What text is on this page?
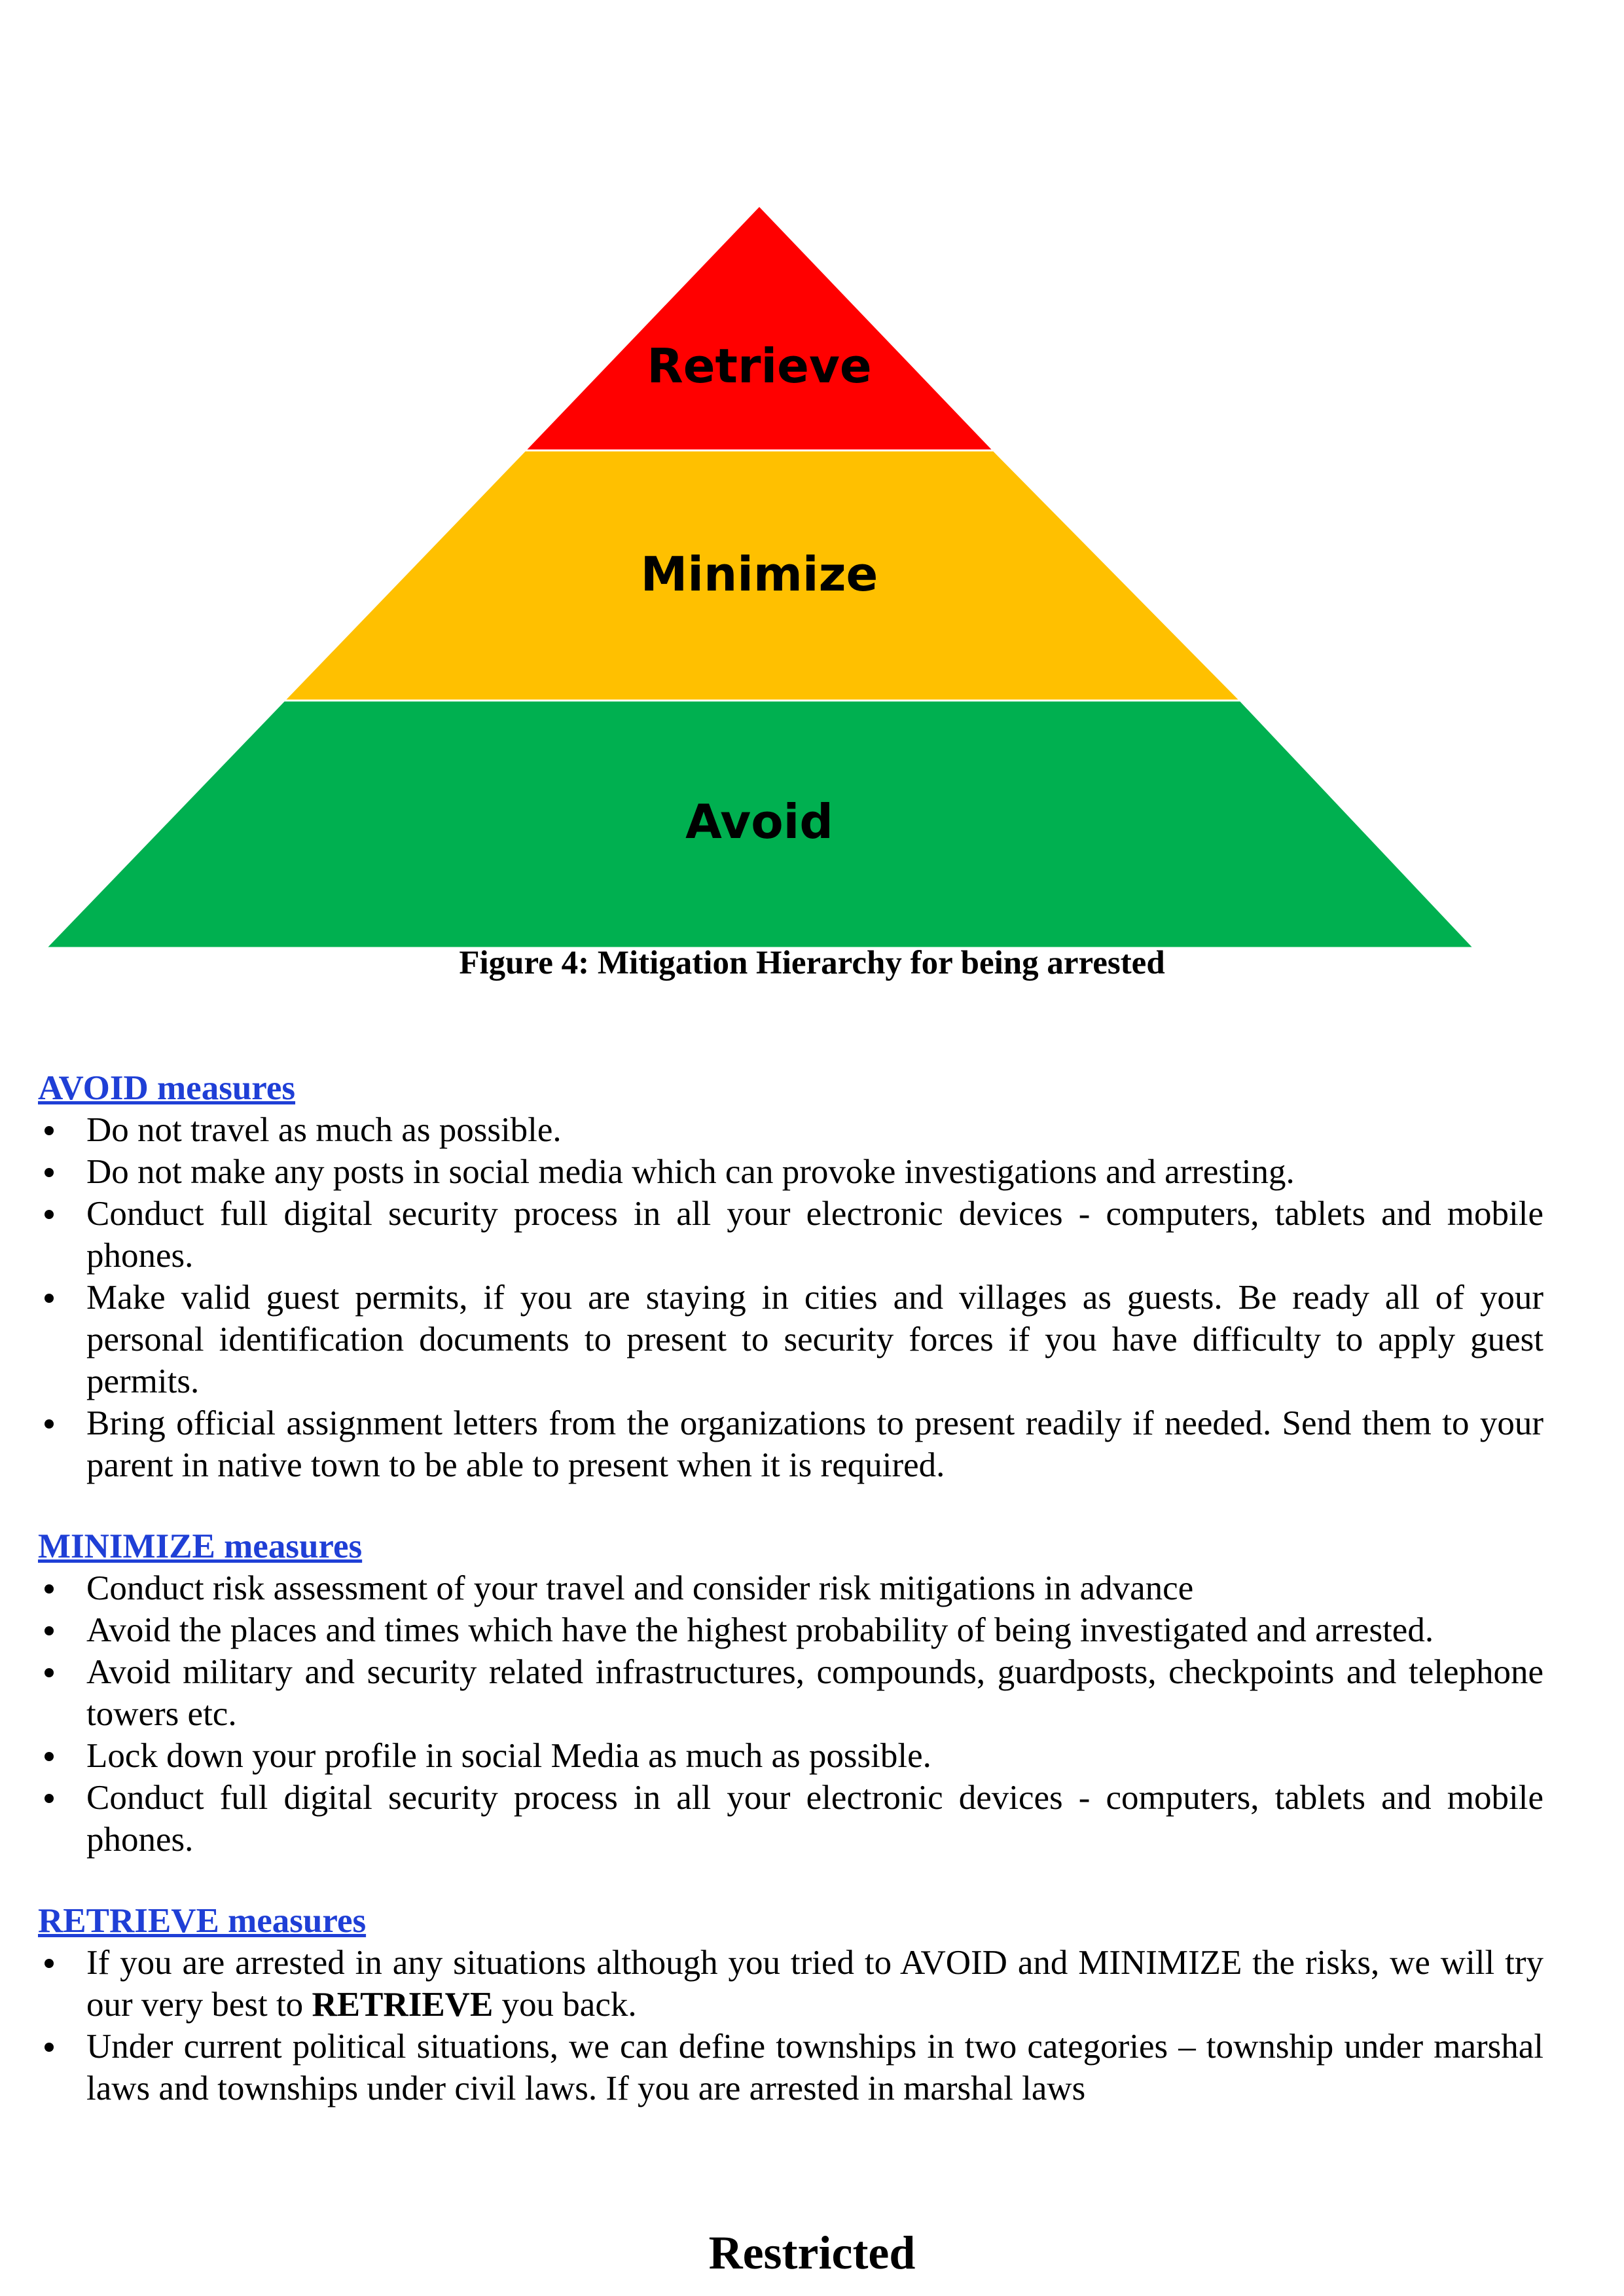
Retrieve
Minimize
Avoid
Figure 4: Mitigation Hierarchy for being arrested
AVOID measures
Do not travel as much as possible.
Do not make any posts in social media which can provoke investigations and arresting.
Conduct full digital security process in all your electronic devices - computers, tablets and mobile phones.
Make valid guest permits, if you are staying in cities and villages as guests. Be ready all of your personal identification documents to present to security forces if you have difficulty to apply guest permits.
Bring official assignment letters from the organizations to present readily if needed. Send them to your parent in native town to be able to present when it is required.
MINIMIZE measures
Conduct risk assessment of your travel and consider risk mitigations in advance
Avoid the places and times which have the highest probability of being investigated and arrested.
Avoid military and security related infrastructures, compounds, guardposts, checkpoints and telephone towers etc.
Lock down your profile in social Media as much as possible.
Conduct full digital security process in all your electronic devices - computers, tablets and mobile phones.
RETRIEVE measures
If you are arrested in any situations although you tried to AVOID and MINIMIZE the risks, we will try our very best to RETRIEVE you back.
Under current political situations, we can define townships in two categories – township under marshal laws and townships under civil laws. If you are arrested in marshal laws
Restricted
